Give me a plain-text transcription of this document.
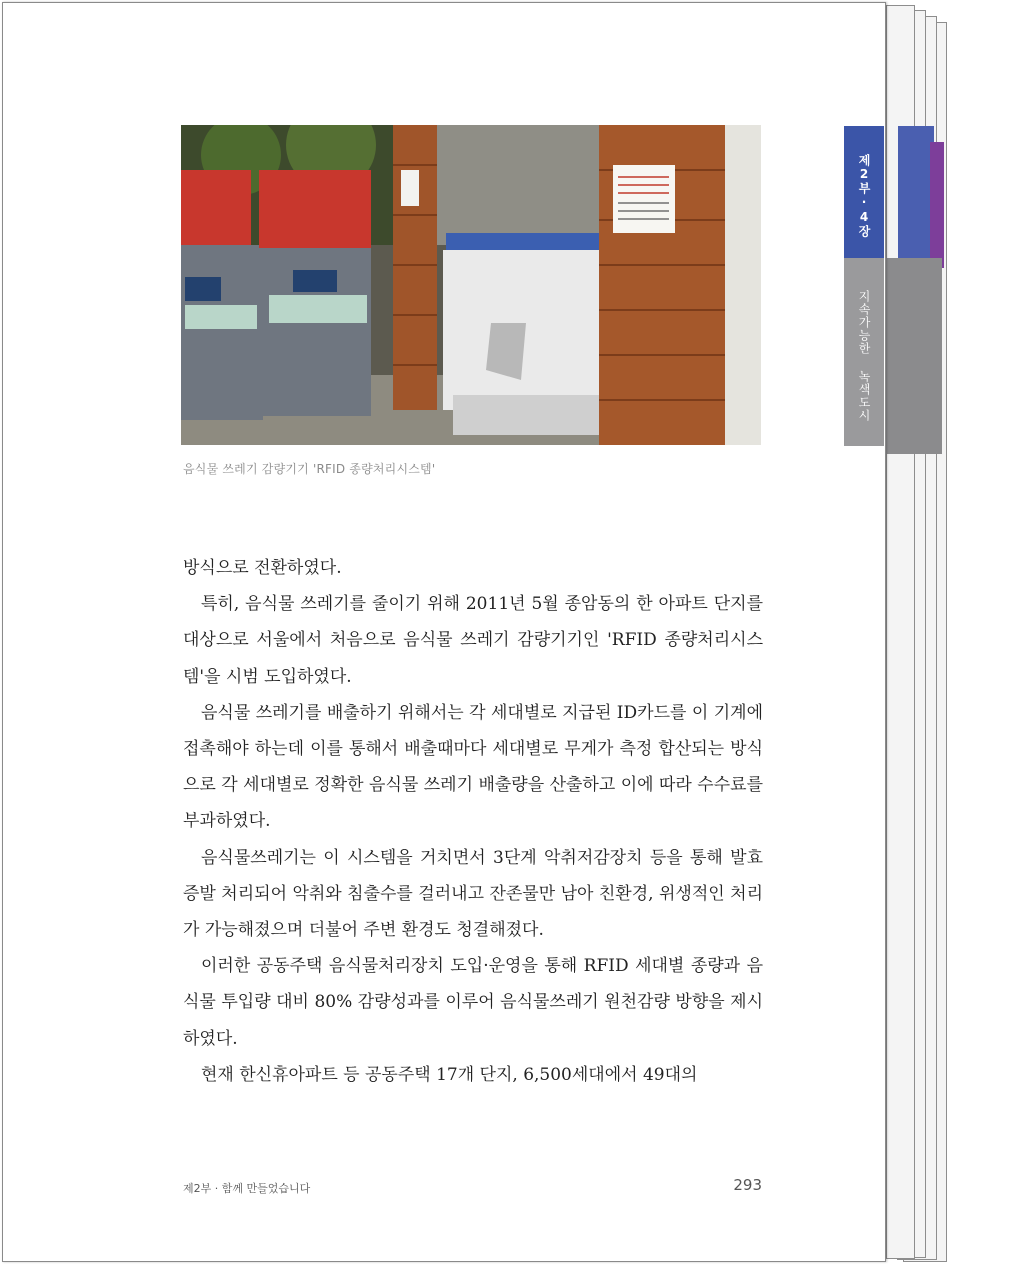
음식물 쓰레기 감량기기 'RFID 종량처리시스템'

방식으로 전환하였다.

특히, 음식물 쓰레기를 줄이기 위해 2011년 5월 종암동의 한 아파트 단지를 대상으로 서울에서 처음으로 음식물 쓰레기 감량기기인 'RFID 종량처리시스템'을 시범 도입하였다.

음식물 쓰레기를 배출하기 위해서는 각 세대별로 지급된 ID카드를 이 기계에 접촉해야 하는데 이를 통해서 배출때마다 세대별로 무게가 측정 합산되는 방식으로 각 세대별로 정확한 음식물 쓰레기 배출량을 산출하고 이에 따라 수수료를 부과하였다.

음식물쓰레기는 이 시스템을 거치면서 3단계 악취저감장치 등을 통해 발효 증발 처리되어 악취와 침출수를 걸러내고 잔존물만 남아 친환경, 위생적인 처리가 가능해졌으며 더불어 주변 환경도 청결해졌다.

이러한 공동주택 음식물처리장치 도입·운영을 통해 RFID 세대별 종량과 음식물 투입량 대비 80% 감량성과를 이루어 음식물쓰레기 원천감량 방향을 제시하였다.

현재 한신휴아파트 등 공동주택 17개 단지, 6,500세대에서 49대의

제2부 · 함께 만들었습니다	293
제2부·4장
지속가능한 녹색도시
